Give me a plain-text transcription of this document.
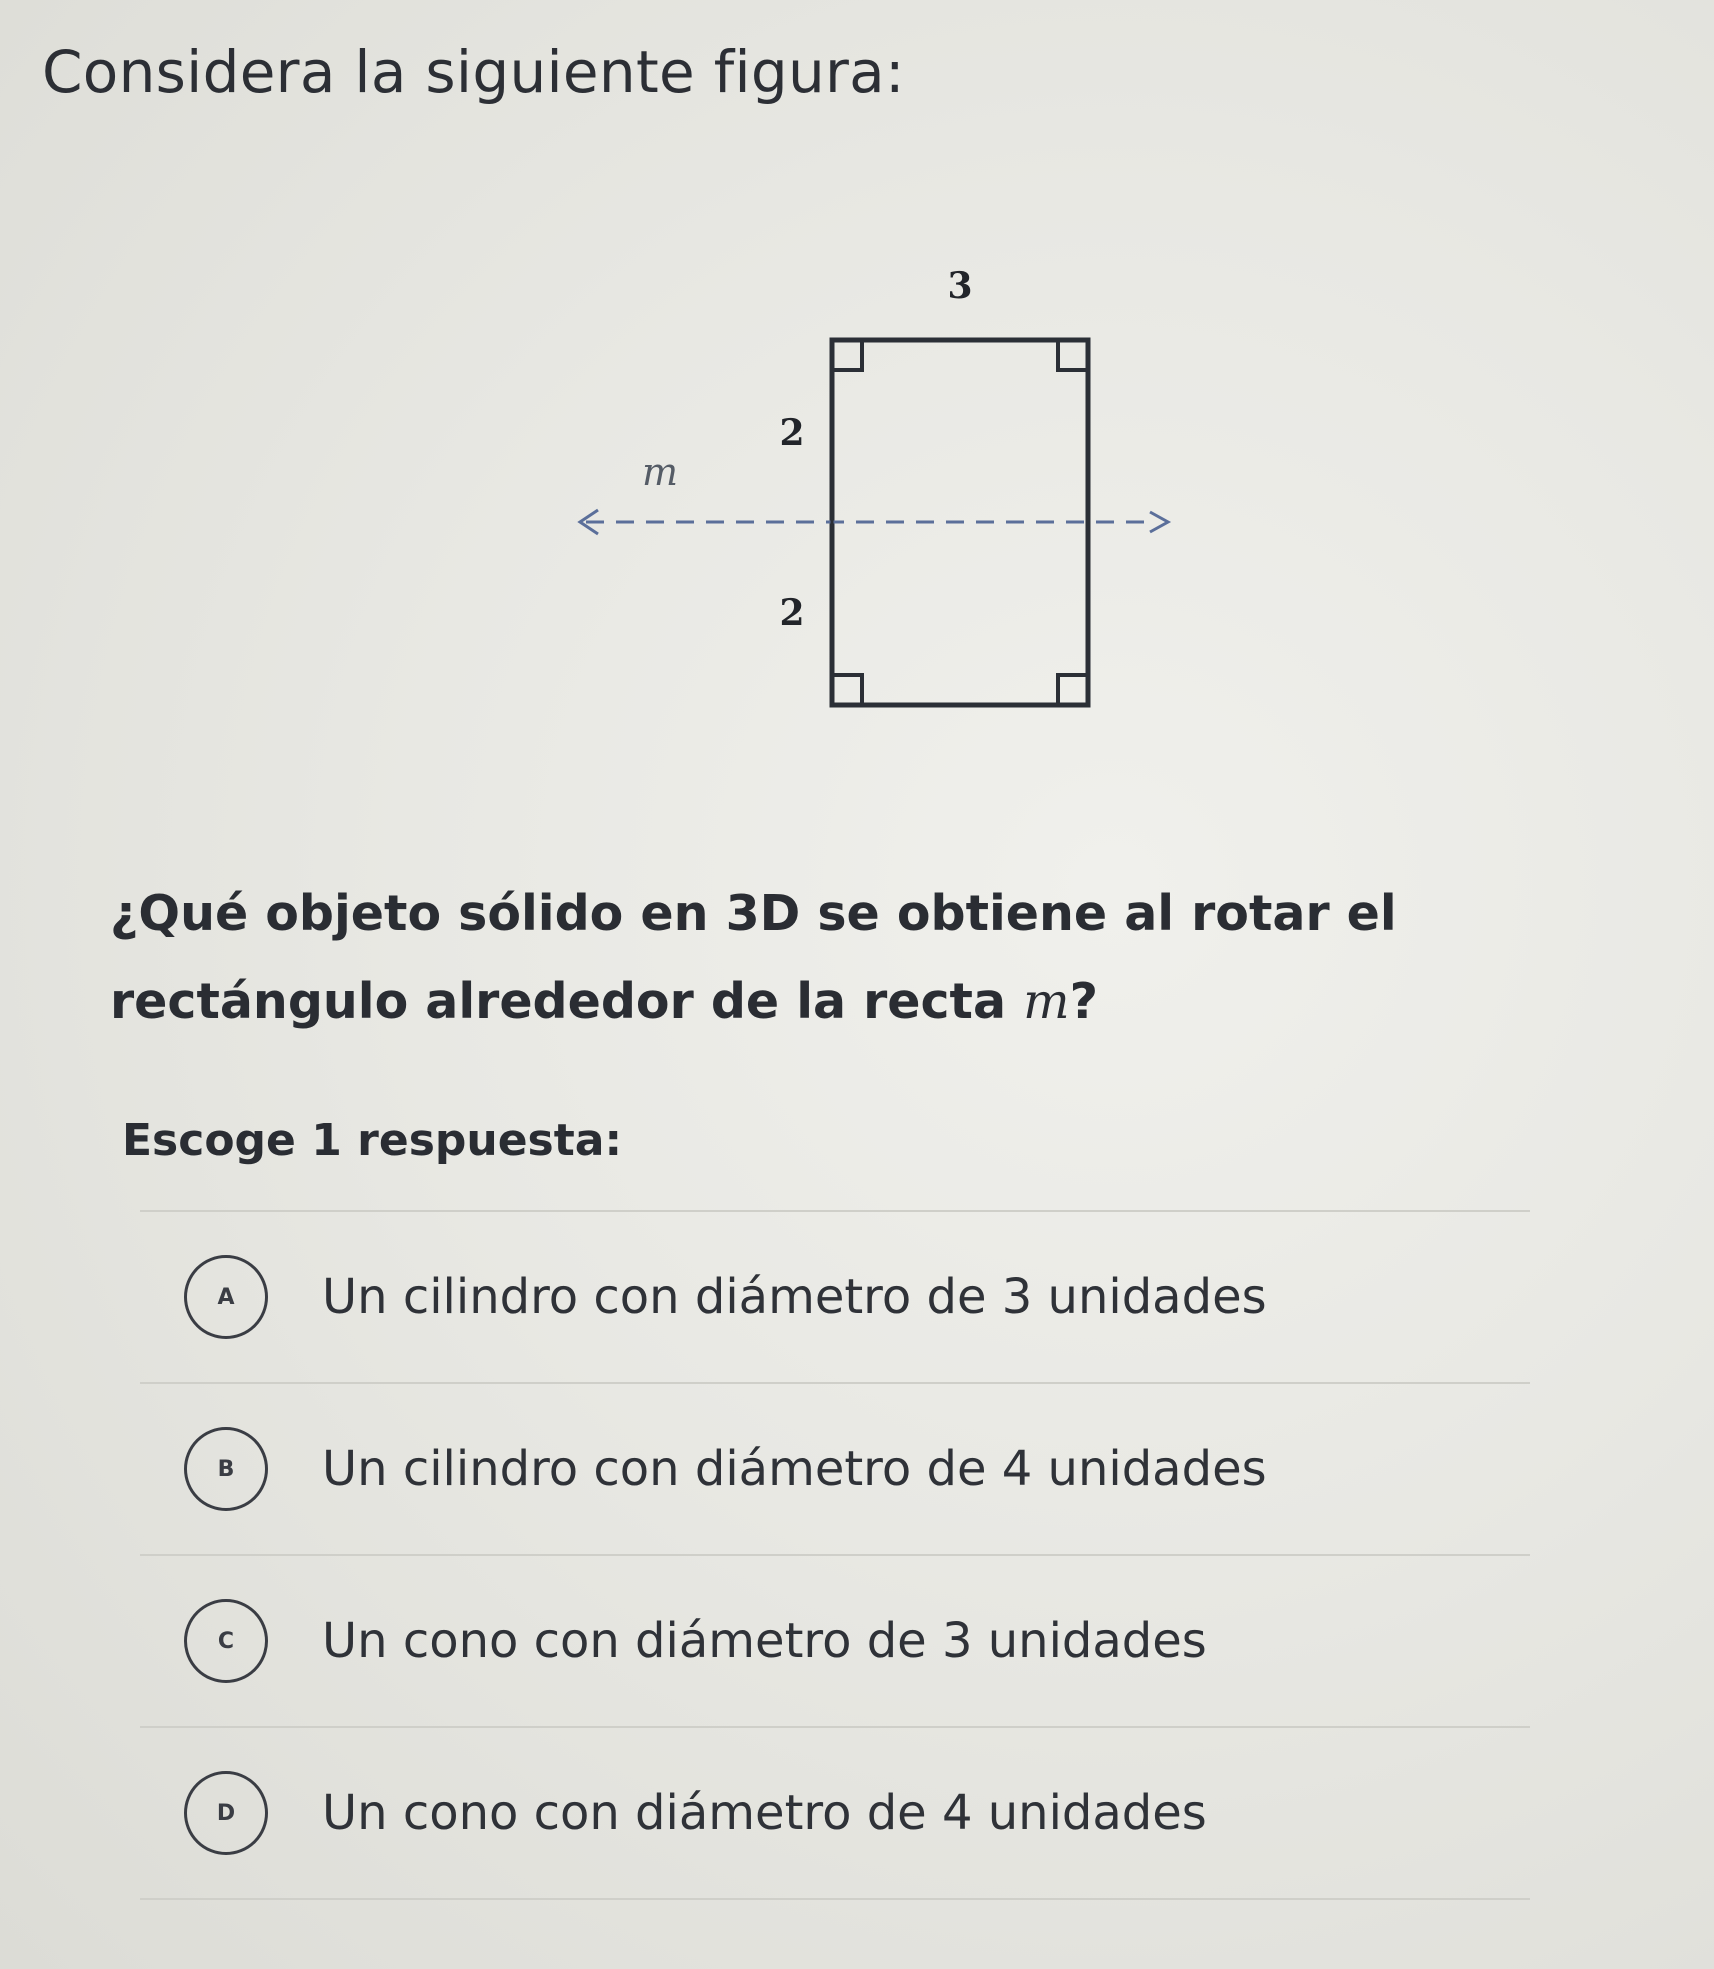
Considera la siguiente figura:
3
2
2
m
¿Qué objeto sólido en 3D se obtiene al rotar el rectángulo alrededor de la recta m?
Escoge 1 respuesta:
A	Un cilindro con diámetro de 3 unidades
B	Un cilindro con diámetro de 4 unidades
C	Un cono con diámetro de 3 unidades
D	Un cono con diámetro de 4 unidades
